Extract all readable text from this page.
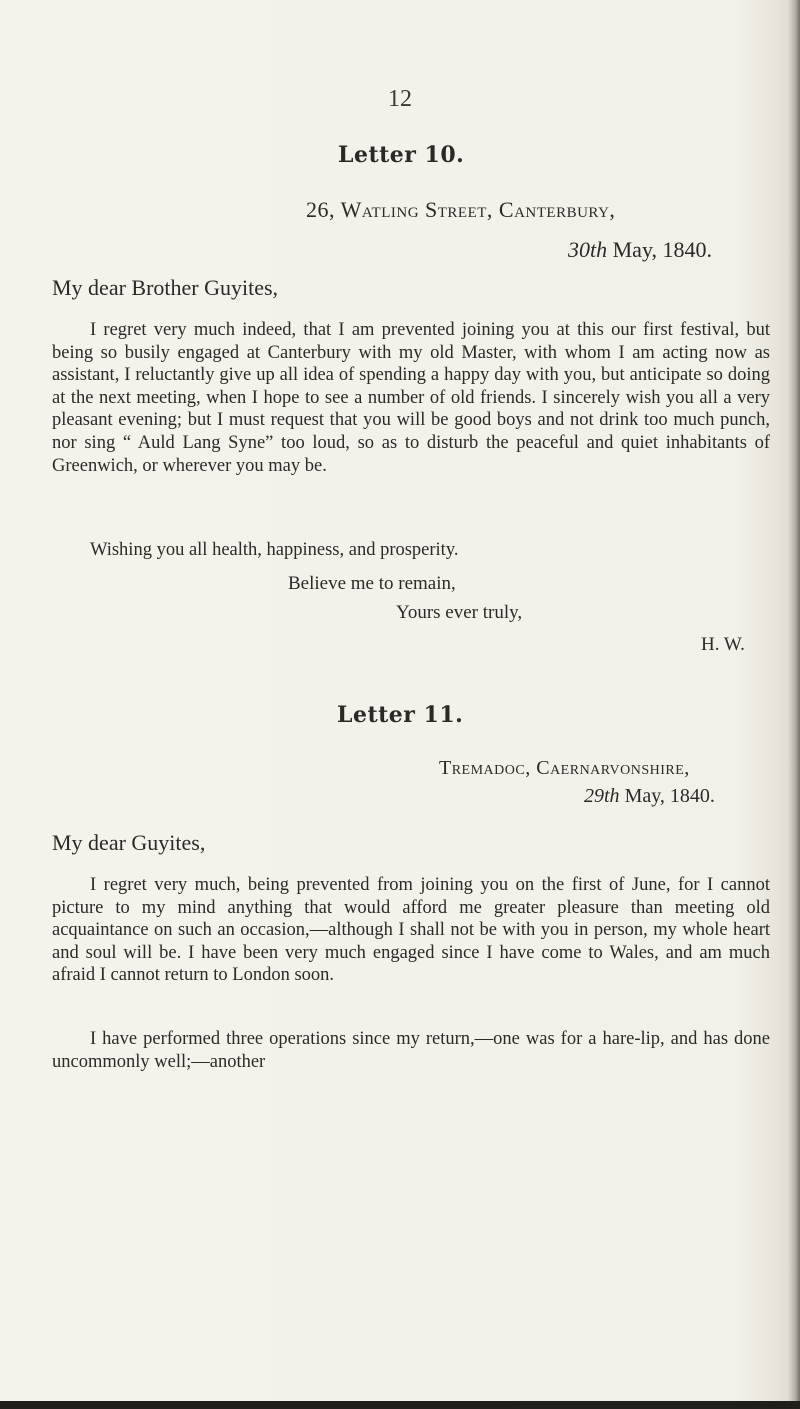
12
Letter 10.
26, Watling Street, Canterbury,
30th May, 1840.
My dear Brother Guyites,

I regret very much indeed, that I am prevented joining you at this our first festival, but being so busily engaged at Canterbury with my old Master, with whom I am acting now as assistant, I reluctantly give up all idea of spending a happy day with you, but anticipate so doing at the next meeting, when I hope to see a number of old friends. I sincerely wish you all a very pleasant evening; but I must request that you will be good boys and not drink too much punch, nor sing “ Auld Lang Syne” too loud, so as to disturb the peaceful and quiet inhabitants of Greenwich, or wherever you may be.

Wishing you all health, happiness, and prosperity.

Believe me to remain,
Yours ever truly,
H. W.
Letter 11.
Tremadoc, Caernarvonshire,
29th May, 1840.
My dear Guyites,

I regret very much, being prevented from joining you on the first of June, for I cannot picture to my mind anything that would afford me greater pleasure than meeting old acquaintance on such an occasion,—although I shall not be with you in person, my whole heart and soul will be. I have been very much engaged since I have come to Wales, and am much afraid I cannot return to London soon.

I have performed three operations since my return,—one was for a hare-lip, and has done uncommonly well;—another
